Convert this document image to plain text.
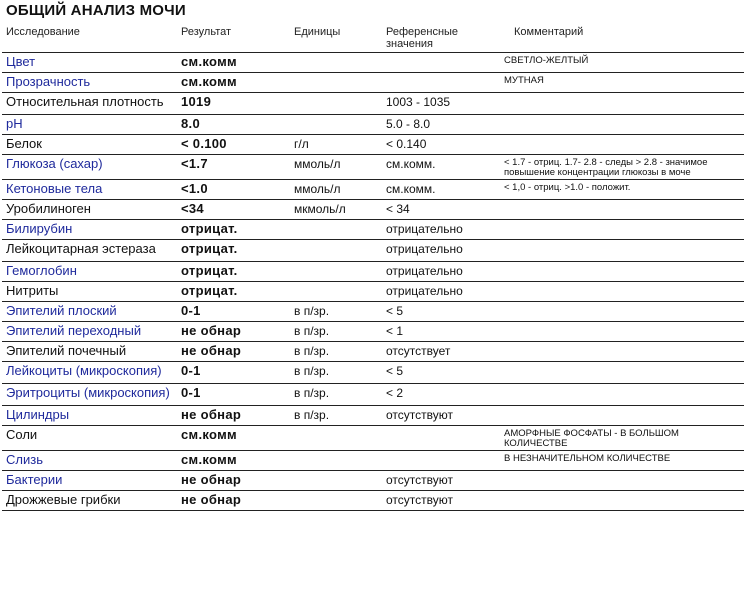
ОБЩИЙ АНАЛИЗ МОЧИ
Исследование	Результат	Единицы	Референсные значения	Комментарий
Цвет	см.комм			СВЕТЛО-ЖЕЛТЫЙ
Прозрачность	см.комм			МУТНАЯ
Относительная плотность	1019		1003 - 1035	
pH	8.0		5.0 - 8.0	
Белок	< 0.100	г/л	< 0.140	
Глюкоза (сахар)	<1.7	ммоль/л	см.комм.	< 1.7 - отриц. 1.7- 2.8 - следы > 2.8 - значимое повышение концентрации глюкозы в моче
Кетоновые тела	<1.0	ммоль/л	см.комм.	< 1,0 - отриц. >1.0 - положит.
Уробилиноген	<34	мкмоль/л	< 34	
Билирубин	отрицат.		отрицательно	
Лейкоцитарная эстераза	отрицат.		отрицательно	
Гемоглобин	отрицат.		отрицательно	
Нитриты	отрицат.		отрицательно	
Эпителий плоский	0-1	в п/зр.	< 5	
Эпителий переходный	не обнар	в п/зр.	< 1	
Эпителий почечный	не обнар	в п/зр.	отсутствует	
Лейкоциты (микроскопия)	0-1	в п/зр.	< 5	
Эритроциты (микроскопия)	0-1	в п/зр.	< 2	
Цилиндры	не обнар	в п/зр.	отсутствуют	
Соли	см.комм			АМОРФНЫЕ ФОСФАТЫ - В БОЛЬШОМ КОЛИЧЕСТВЕ
Слизь	см.комм			В НЕЗНАЧИТЕЛЬНОМ КОЛИЧЕСТВЕ
Бактерии	не обнар		отсутствуют	
Дрожжевые грибки	не обнар		отсутствуют	
